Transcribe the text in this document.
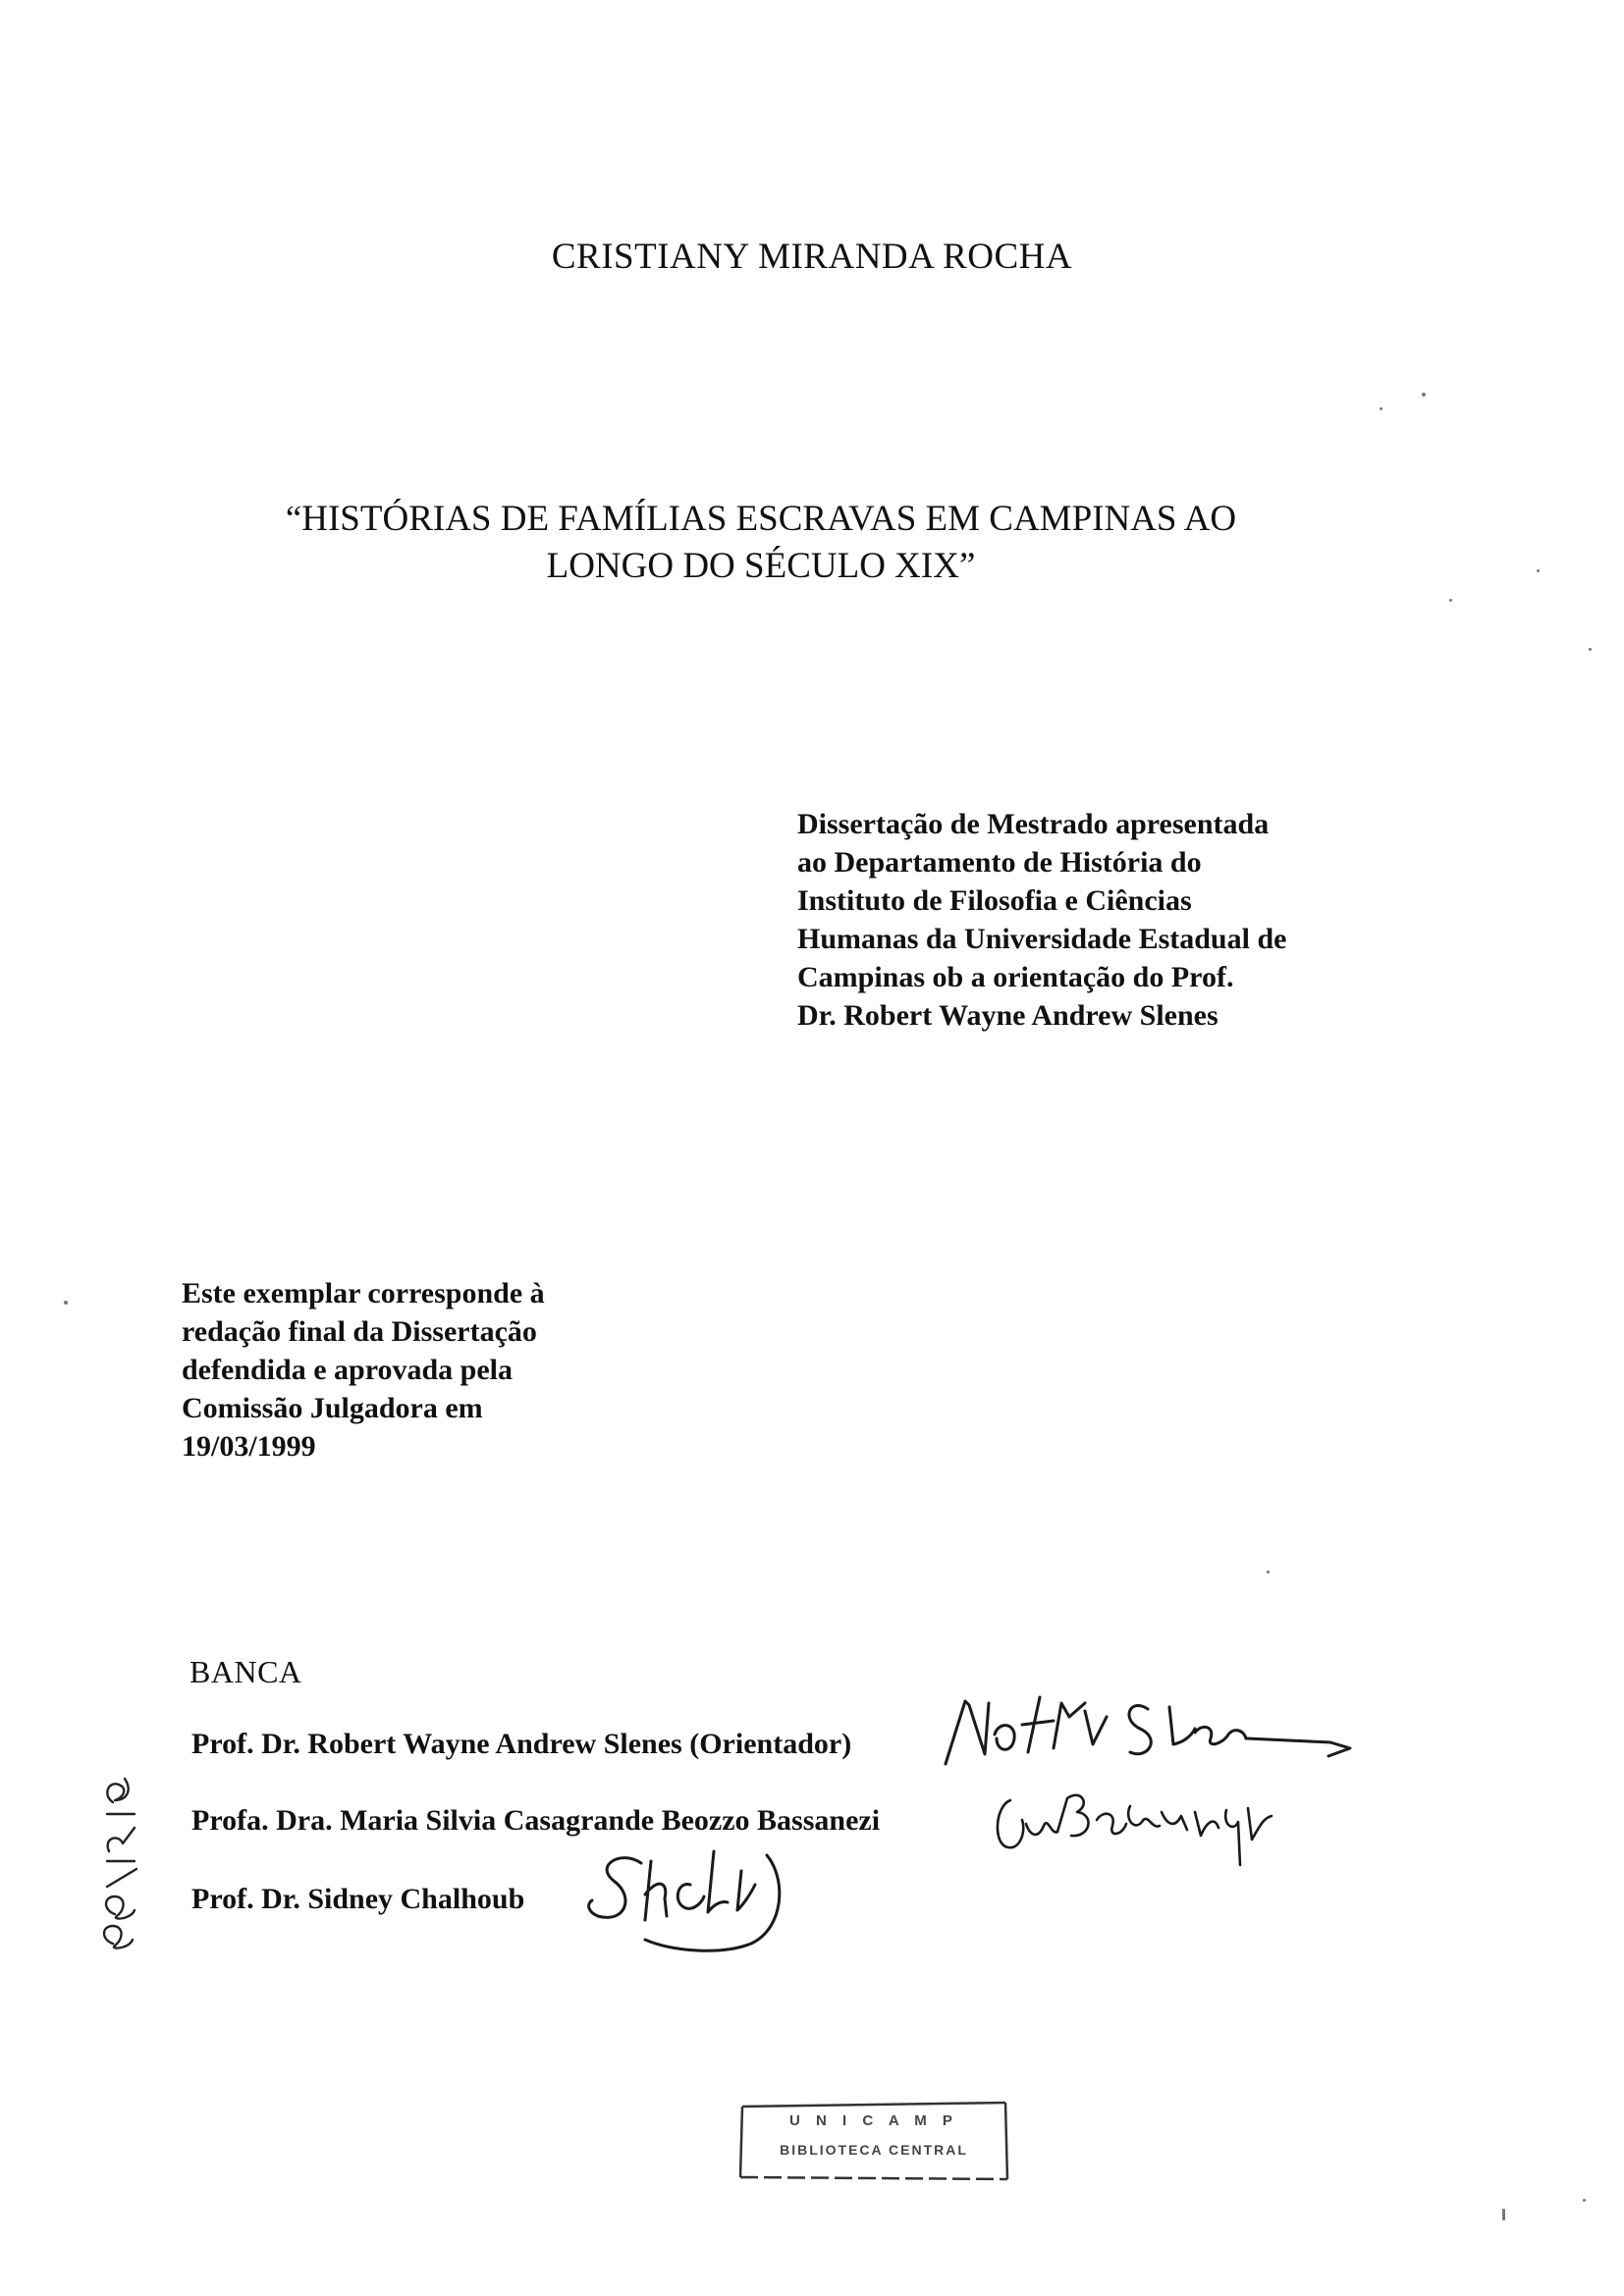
CRISTIANY MIRANDA ROCHA
“HISTÓRIAS DE FAMÍLIAS ESCRAVAS EM CAMPINAS AO
LONGO DO SÉCULO XIX”
Dissertação de Mestrado apresentada
ao Departamento de História do
Instituto de Filosofia e Ciências
Humanas da Universidade Estadual de
Campinas ob a orientação do Prof.
Dr. Robert Wayne Andrew Slenes
Este exemplar corresponde à
redação final da Dissertação
defendida e aprovada pela
Comissão Julgadora em
19/03/1999
BANCA
Prof. Dr. Robert Wayne Andrew Slenes (Orientador)
Profa. Dra. Maria Silvia Casagrande Beozzo Bassanezi
Prof. Dr. Sidney Chalhoub
U N I C A M P
BIBLIOTECA CENTRAL
